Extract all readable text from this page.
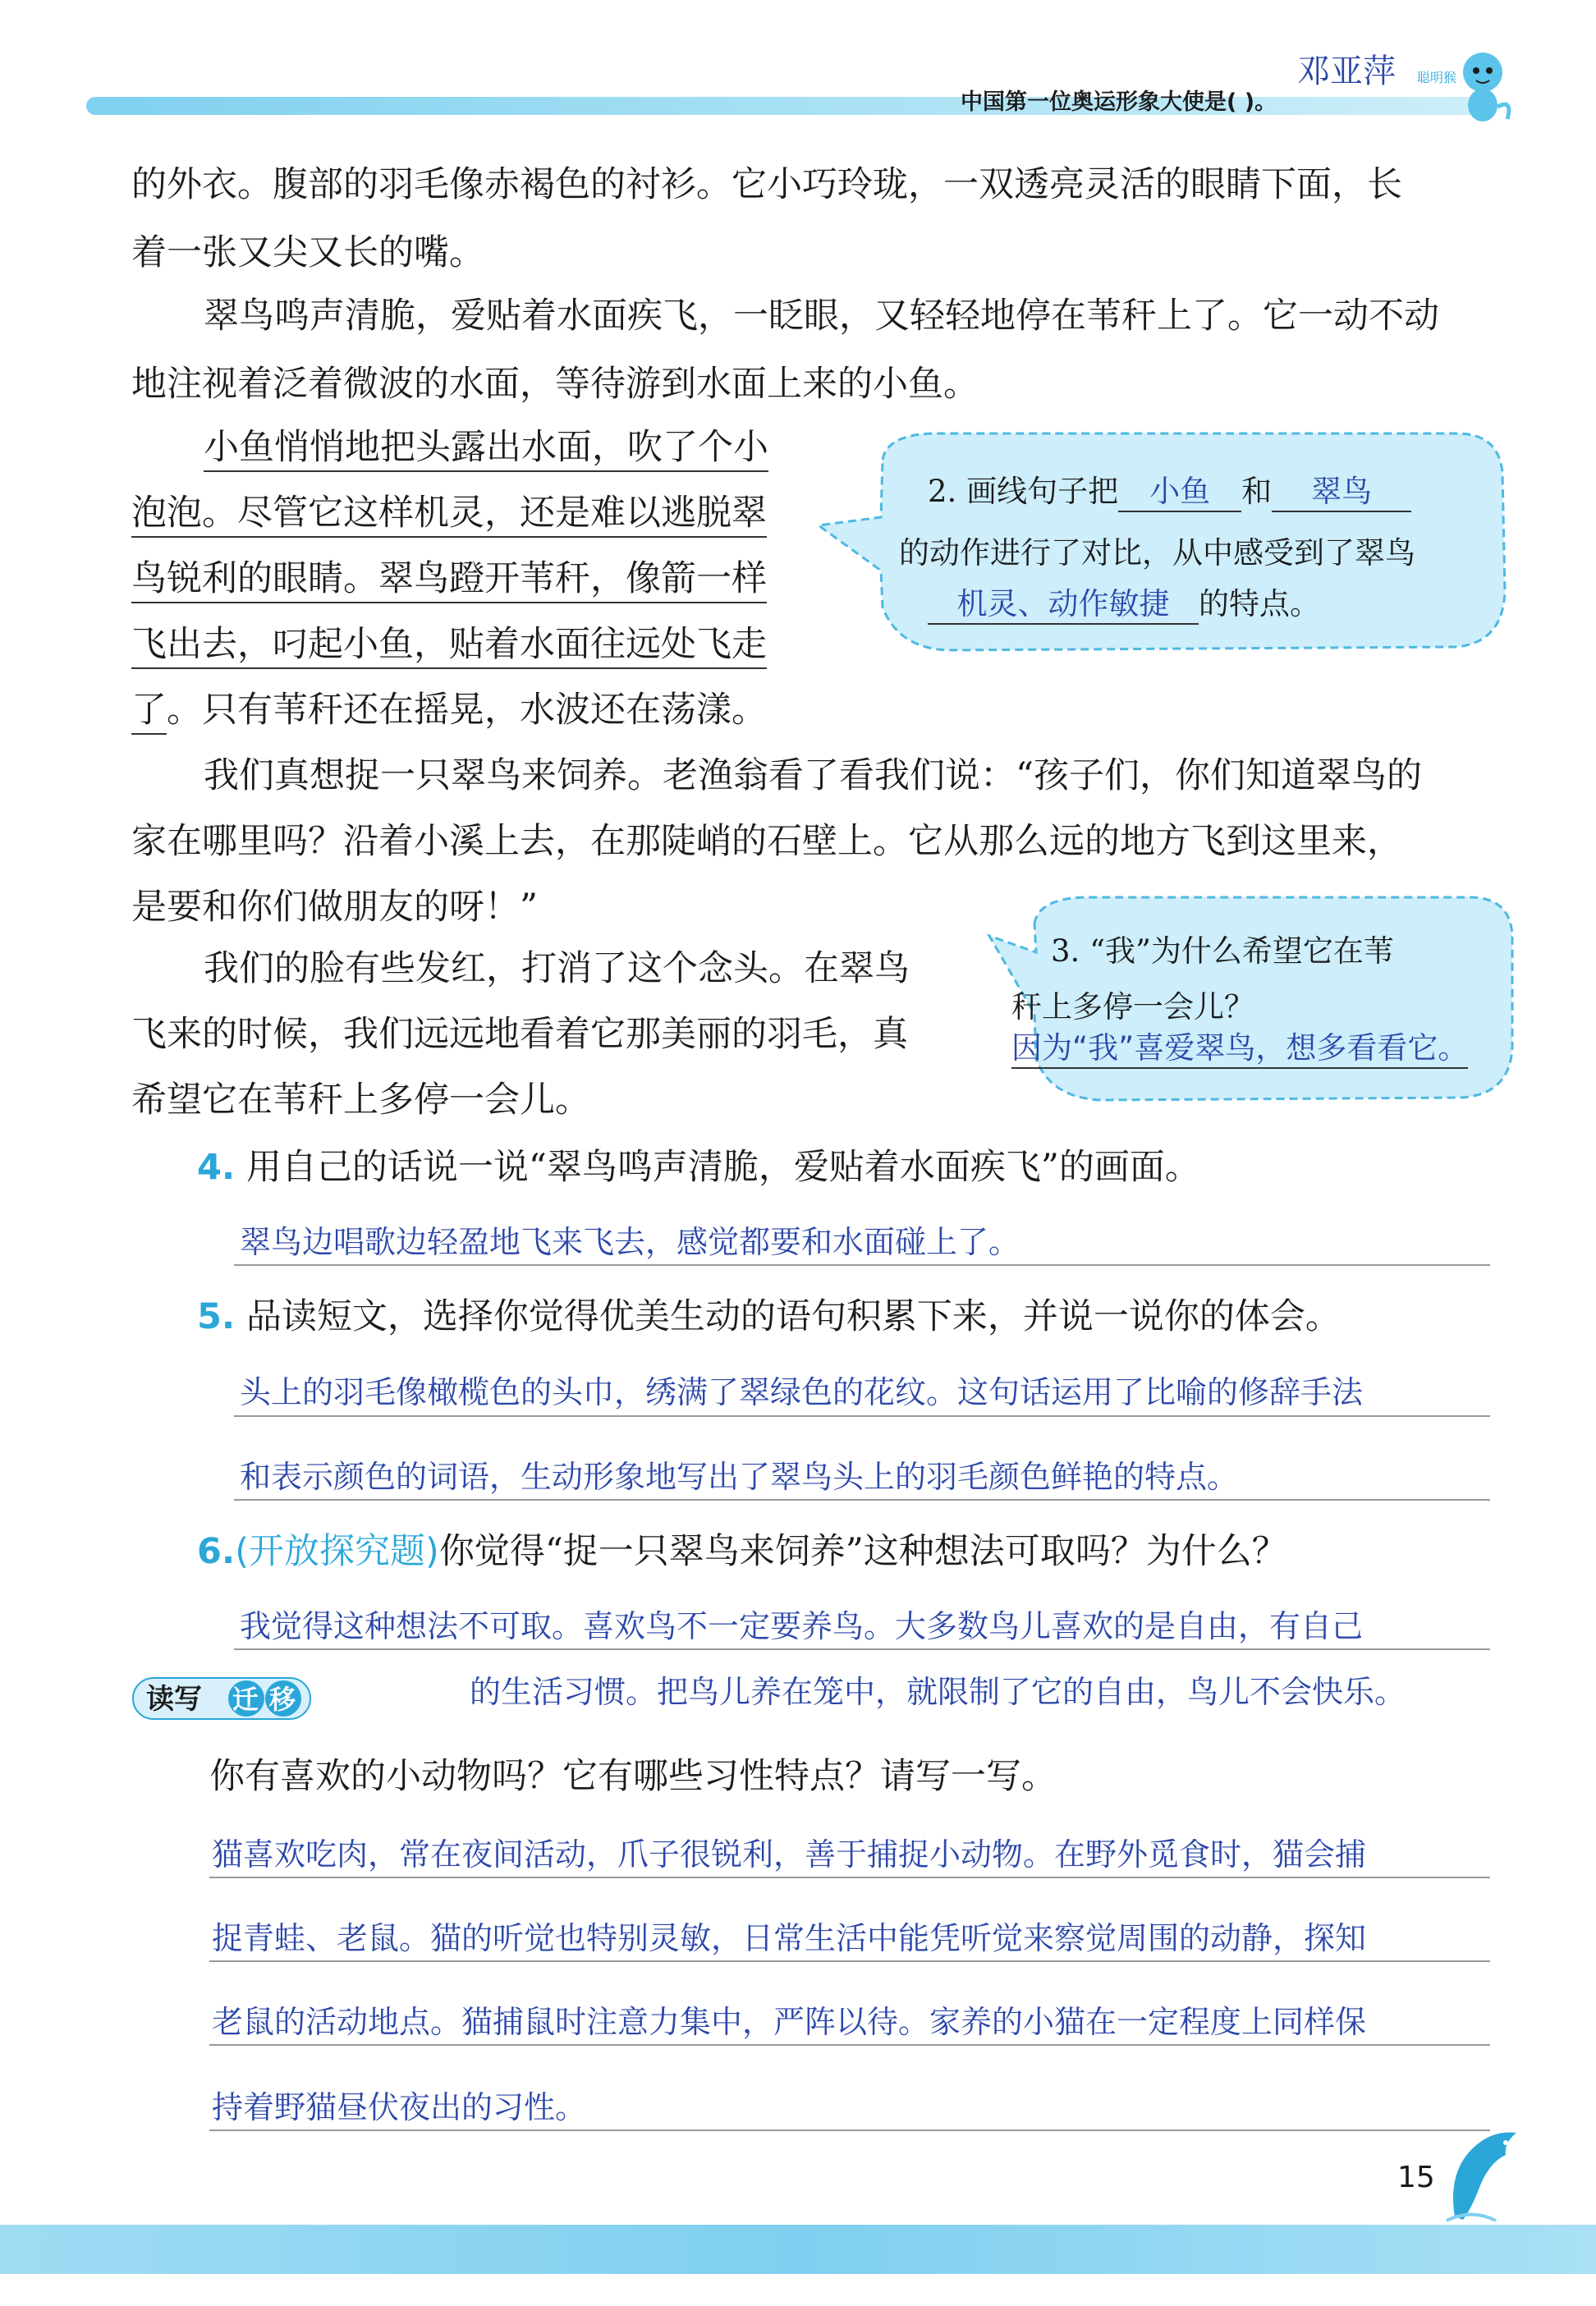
邓亚萍
中国第一位奥运形象大使是( )。
聪明猴
的外衣。腹部的羽毛像赤褐色的衬衫。它小巧玲珑，一双透亮灵活的眼睛下面，长
着一张又尖又长的嘴。
翠鸟鸣声清脆，爱贴着水面疾飞，一眨眼，又轻轻地停在苇秆上了。它一动不动
地注视着泛着微波的水面，等待游到水面上来的小鱼。
小鱼悄悄地把头露出水面，吹了个小
泡泡。尽管它这样机灵，还是难以逃脱翠
鸟锐利的眼睛。翠鸟蹬开苇秆，像箭一样
飞出去，叼起小鱼，贴着水面往远处飞走
了。只有苇秆还在摇晃，水波还在荡漾。
我们真想捉一只翠鸟来饲养。老渔翁看了看我们说：“孩子们，你们知道翠鸟的
家在哪里吗？沿着小溪上去，在那陡峭的石壁上。它从那么远的地方飞到这里来，
是要和你们做朋友的呀！”
我们的脸有些发红，打消了这个念头。在翠鸟
飞来的时候，我们远远地看着它那美丽的羽毛，真
希望它在苇秆上多停一会儿。
2. 画线句子把 小鱼 和 翠鸟
的动作进行了对比，从中感受到了翠鸟
机灵、动作敏捷 的特点。
3. “我”为什么希望它在苇
秆上多停一会儿？
因为“我”喜爱翠鸟，想多看看它。
4. 用自己的话说一说“翠鸟鸣声清脆，爱贴着水面疾飞”的画面。
翠鸟边唱歌边轻盈地飞来飞去，感觉都要和水面碰上了。
5. 品读短文，选择你觉得优美生动的语句积累下来，并说一说你的体会。
头上的羽毛像橄榄色的头巾，绣满了翠绿色的花纹。这句话运用了比喻的修辞手法
和表示颜色的词语，生动形象地写出了翠鸟头上的羽毛颜色鲜艳的特点。
6.(开放探究题)你觉得“捉一只翠鸟来饲养”这种想法可取吗？为什么？
我觉得这种想法不可取。喜欢鸟不一定要养鸟。大多数鸟儿喜欢的是自由，有自己
的生活习惯。把鸟儿养在笼中，就限制了它的自由，鸟儿不会快乐。
读写 迁 移
你有喜欢的小动物吗？它有哪些习性特点？请写一写。
猫喜欢吃肉，常在夜间活动，爪子很锐利，善于捕捉小动物。在野外觅食时，猫会捕
捉青蛙、老鼠。猫的听觉也特别灵敏，日常生活中能凭听觉来察觉周围的动静，探知
老鼠的活动地点。猫捕鼠时注意力集中，严阵以待。家养的小猫在一定程度上同样保
持着野猫昼伏夜出的习性。
15
